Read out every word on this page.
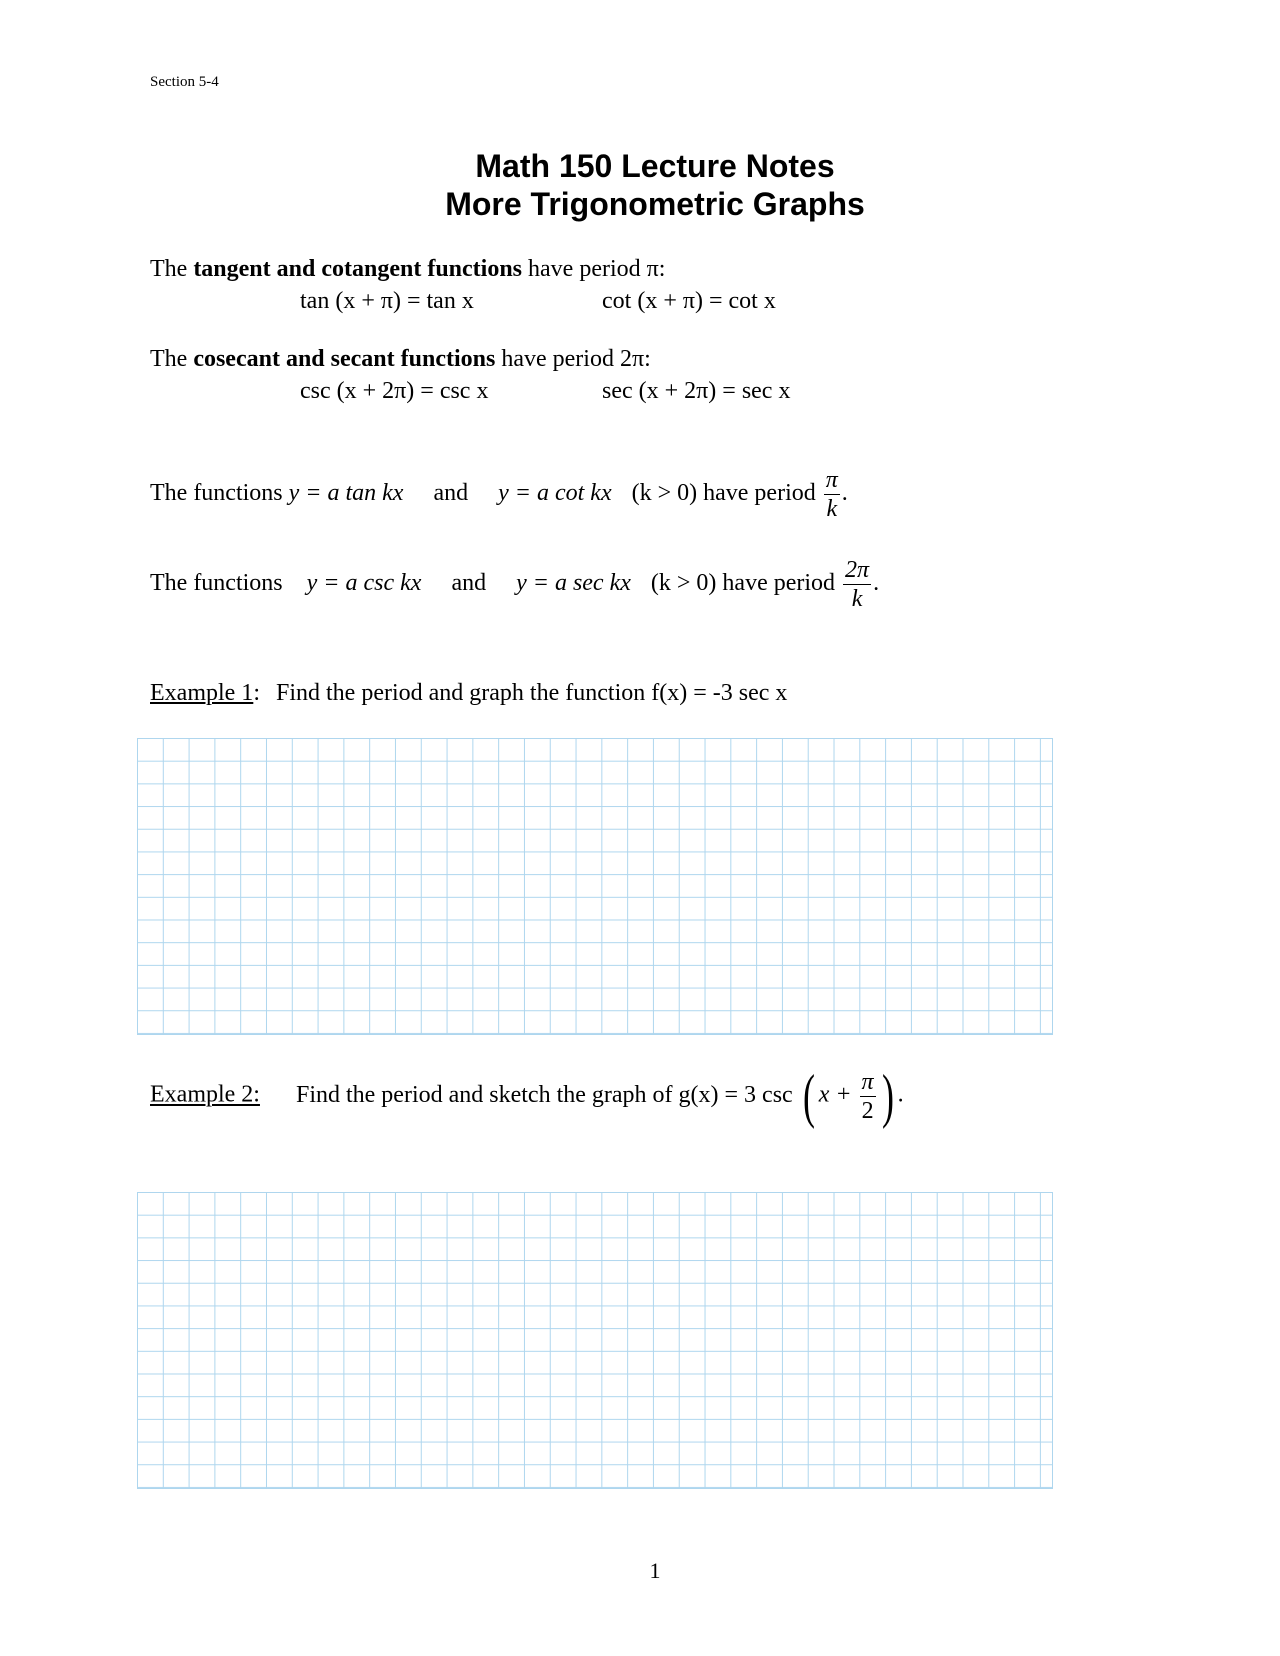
Section 5-4
Math 150 Lecture Notes
More Trigonometric Graphs
The tangent and cotangent functions have period π:
tan (x + π) = tan x	cot (x + π) = cot x
The cosecant and secant functions have period 2π:
csc (x + 2π) = csc x	sec (x + 2π) = sec x
The functions y = a tan kx and y = a cot kx (k > 0) have period $\frac{\pi}{k}$ .
The functions y = a csc kx and y = a sec kx (k > 0) have period $\frac{2\pi}{k}$ .
Example 1: Find the period and graph the function f(x) = -3 sec x
Example 2: Find the period and sketch the graph of g(x) = 3 csc ( $x + \frac{\pi}{2}$ ) .
1
